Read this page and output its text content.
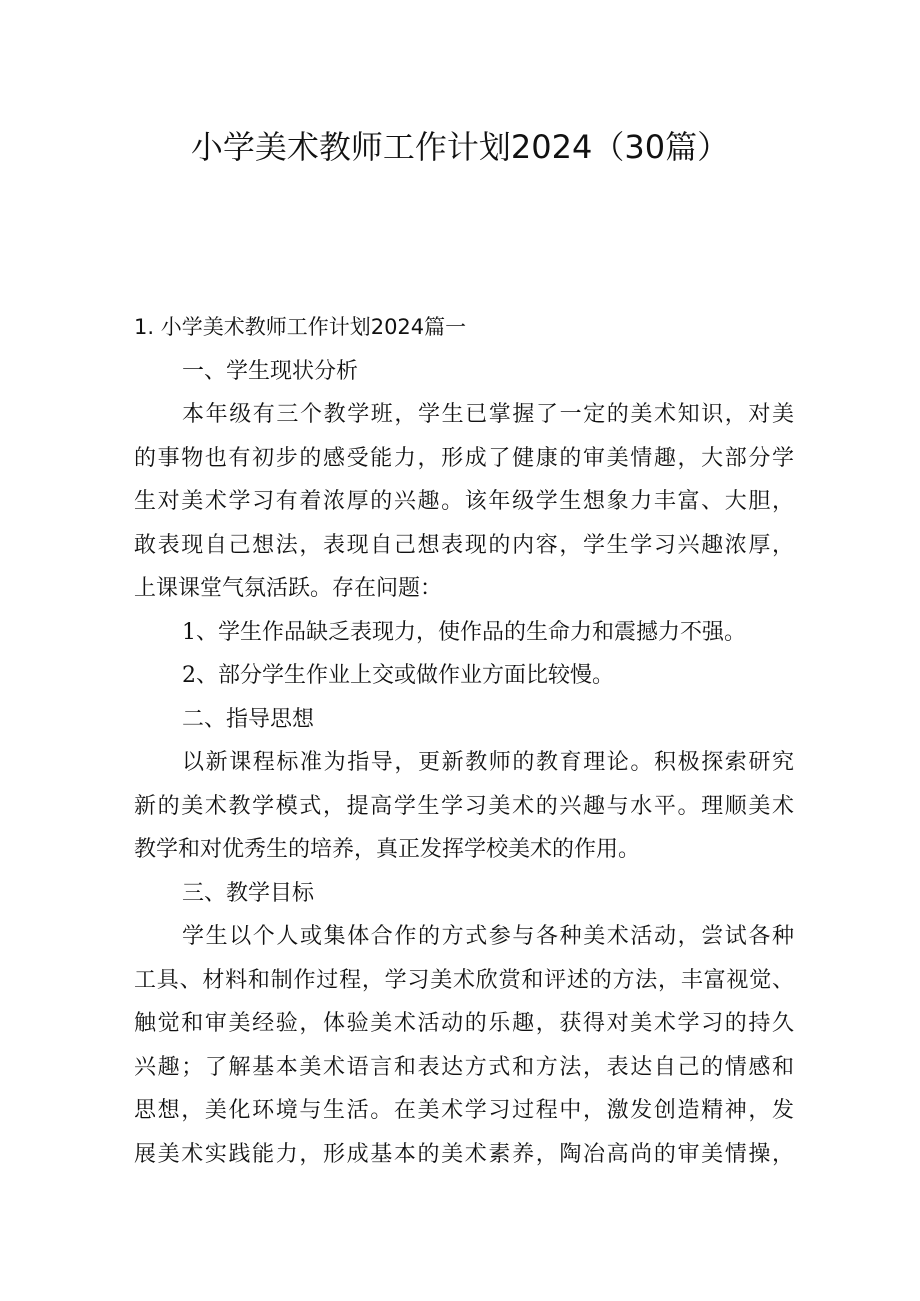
小学美术教师工作计划2024（30篇）

1. 小学美术教师工作计划2024篇一

一、学生现状分析

本年级有三个教学班，学生已掌握了一定的美术知识，对美

的事物也有初步的感受能力，形成了健康的审美情趣，大部分学

生对美术学习有着浓厚的兴趣。该年级学生想象力丰富、大胆，

敢表现自己想法，表现自己想表现的内容，学生学习兴趣浓厚，

上课课堂气氛活跃。存在问题：

1、学生作品缺乏表现力，使作品的生命力和震撼力不强。

2、部分学生作业上交或做作业方面比较慢。

二、指导思想

以新课程标准为指导，更新教师的教育理论。积极探索研究

新的美术教学模式，提高学生学习美术的兴趣与水平。理顺美术

教学和对优秀生的培养，真正发挥学校美术的作用。

三、教学目标

学生以个人或集体合作的方式参与各种美术活动，尝试各种

工具、材料和制作过程，学习美术欣赏和评述的方法，丰富视觉、

触觉和审美经验，体验美术活动的乐趣，获得对美术学习的持久

兴趣；了解基本美术语言和表达方式和方法，表达自己的情感和

思想，美化环境与生活。在美术学习过程中，激发创造精神，发

展美术实践能力，形成基本的美术素养，陶冶高尚的审美情操，
